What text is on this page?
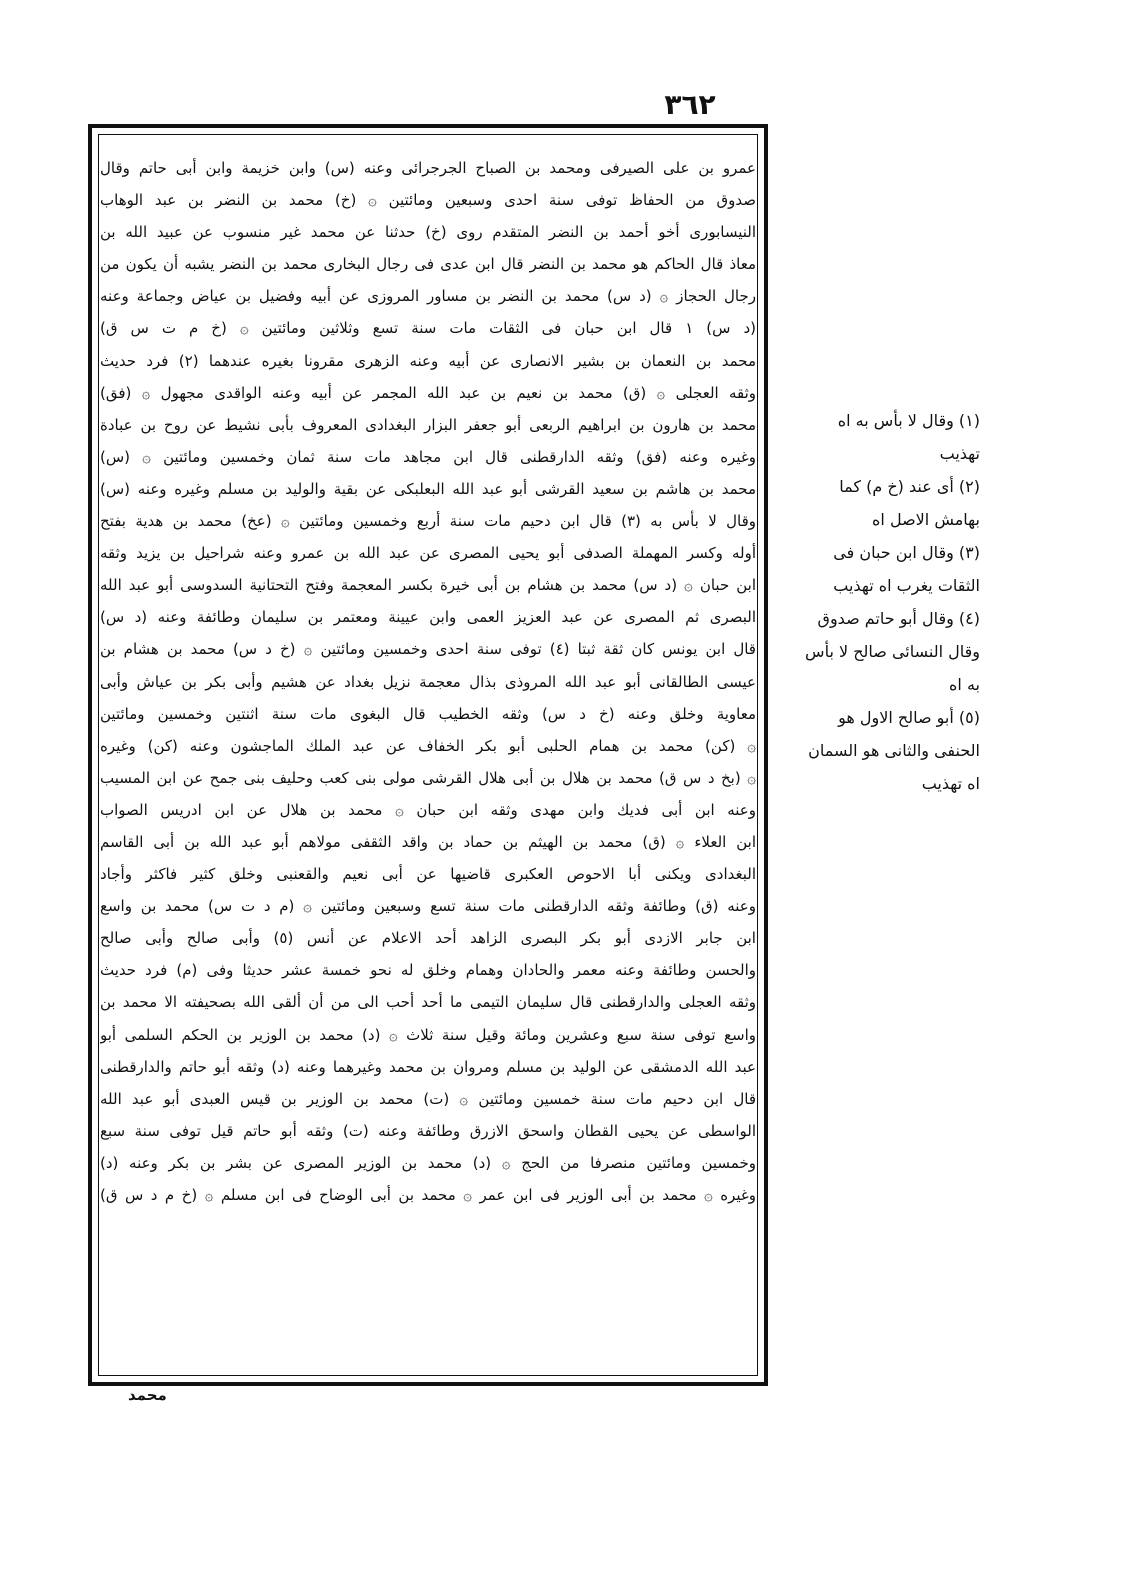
٣٦٢
عمرو بن على الصيرفى ومحمد بن الصباح الجرجرائى وعنه (س) وابن خزيمة وابن أبى حاتم وقال
صدوق من الحفاظ توفى سنة احدى وسبعين ومائتين ۞ (خ) محمد بن النضر بن عبد الوهاب
النيسابورى أخو أحمد بن النضر المتقدم روى (خ) حدثنا عن محمد غير منسوب عن عبيد الله بن
معاذ قال الحاكم هو محمد بن النضر قال ابن عدى فى رجال البخارى محمد بن النضر يشبه أن يكون من
رجال الحجاز ۞ (د س) محمد بن النضر بن مساور المروزى عن أبيه وفضيل بن عياض وجماعة وعنه
(د س) ١ قال ابن حبان فى الثقات مات سنة تسع وثلاثين ومائتين ۞ (خ م ت س ق)
محمد بن النعمان بن بشير الانصارى عن أبيه وعنه الزهرى مقرونا بغيره عندهما (٢) فرد حديث
وثقه العجلى ۞ (ق) محمد بن نعيم بن عبد الله المجمر عن أبيه وعنه الواقدى مجهول ۞ (فق)
محمد بن هارون بن ابراهيم الربعى أبو جعفر البزار البغدادى المعروف بأبى نشيط عن روح بن عبادة
وغيره وعنه (فق) وثقه الدارقطنى قال ابن مجاهد مات سنة ثمان وخمسين ومائتين ۞ (س)
محمد بن هاشم بن سعيد القرشى أبو عبد الله البعلبكى عن بقية والوليد بن مسلم وغيره وعنه (س)
وقال لا بأس به (٣) قال ابن دحيم مات سنة أربع وخمسين ومائتين ۞ (عخ) محمد بن هدية بفتح
أوله وكسر المهملة الصدفى أبو يحيى المصرى عن عبد الله بن عمرو وعنه شراحيل بن يزيد وثقه
ابن حبان ۞ (د س) محمد بن هشام بن أبى خيرة بكسر المعجمة وفتح التحتانية السدوسى أبو عبد الله
البصرى ثم المصرى عن عبد العزيز العمى وابن عيينة ومعتمر بن سليمان وطائفة وعنه (د س)
قال ابن يونس كان ثقة ثبتا (٤) توفى سنة احدى وخمسين ومائتين ۞ (خ د س) محمد بن هشام بن
عيسى الطالقانى أبو عبد الله المروذى بذال معجمة نزيل بغداد عن هشيم وأبى بكر بن عياش وأبى
معاوية وخلق وعنه (خ د س) وثقه الخطيب قال البغوى مات سنة اثنتين وخمسين ومائتين
۞ (كن) محمد بن همام الحلبى أبو بكر الخفاف عن عبد الملك الماجشون وعنه (كن) وغيره
۞ (بخ د س ق) محمد بن هلال بن أبى هلال القرشى مولى بنى كعب وحليف بنى جمح عن ابن المسيب
وعنه ابن أبى فديك وابن مهدى وثقه ابن حبان ۞ محمد بن هلال عن ابن ادريس الصواب
ابن العلاء ۞ (ق) محمد بن الهيثم بن حماد بن واقد الثقفى مولاهم أبو عبد الله بن أبى القاسم
البغدادى ويكنى أبا الاحوص العكبرى قاضيها عن أبى نعيم والقعنبى وخلق كثير فاكثر وأجاد
وعنه (ق) وطائفة وثقه الدارقطنى مات سنة تسع وسبعين ومائتين ۞ (م د ت س) محمد بن واسع
ابن جابر الازدى أبو بكر البصرى الزاهد أحد الاعلام عن أنس (٥) وأبى صالح وأبى صالح
والحسن وطائفة وعنه معمر والحادان وهمام وخلق له نحو خمسة عشر حديثا وفى (م) فرد حديث
وثقه العجلى والدارقطنى قال سليمان التيمى ما أحد أحب الى من أن ألقى الله بصحيفته الا محمد بن
واسع توفى سنة سبع وعشرين ومائة وقيل سنة ثلاث ۞ (د) محمد بن الوزير بن الحكم السلمى أبو
عبد الله الدمشقى عن الوليد بن مسلم ومروان بن محمد وغيرهما وعنه (د) وثقه أبو حاتم والدارقطنى
قال ابن دحيم مات سنة خمسين ومائتين ۞ (ت) محمد بن الوزير بن قيس العبدى أبو عبد الله
الواسطى عن يحيى القطان واسحق الازرق وطائفة وعنه (ت) وثقه أبو حاتم قيل توفى سنة سبع
وخمسين ومائتين منصرفا من الحج ۞ (د) محمد بن الوزير المصرى عن بشر بن بكر وعنه (د)
وغيره ۞ محمد بن أبى الوزير فى ابن عمر ۞ محمد بن أبى الوضاح فى ابن مسلم ۞ (خ م د س ق)
(١) وقال لا بأس به اه
تهذيب
(٢) أى عند (خ م) كما
بهامش الاصل اه
(٣) وقال ابن حبان فى
الثقات يغرب اه تهذيب
(٤) وقال أبو حاتم صدوق
وقال النسائى صالح لا بأس
به اه
(٥) أبو صالح الاول هو
الحنفى والثانى هو السمان
اه تهذيب
محمد
